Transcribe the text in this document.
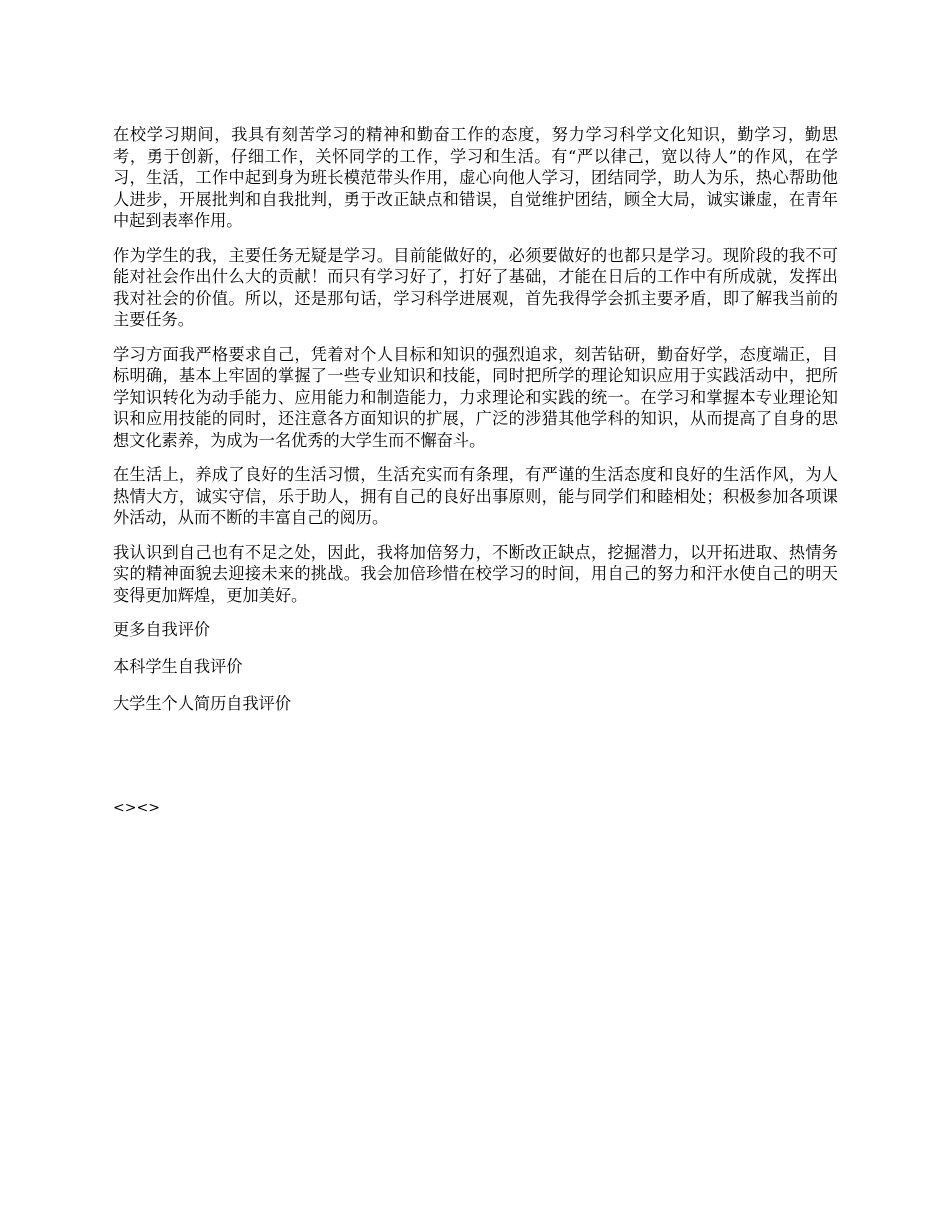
在校学习期间，我具有刻苦学习的精神和勤奋工作的态度，努力学习科学文化知识，勤学习，勤思考，勇于创新，仔细工作，关怀同学的工作，学习和生活。有“严以律己，宽以待人”的作风，在学习，生活，工作中起到身为班长模范带头作用，虚心向他人学习，团结同学，助人为乐，热心帮助他人进步，开展批判和自我批判，勇于改正缺点和错误，自觉维护团结，顾全大局，诚实谦虚，在青年中起到表率作用。

作为学生的我，主要任务无疑是学习。目前能做好的，必须要做好的也都只是学习。现阶段的我不可能对社会作出什么大的贡献！而只有学习好了，打好了基础，才能在日后的工作中有所成就，发挥出我对社会的价值。所以，还是那句话，学习科学进展观，首先我得学会抓主要矛盾，即了解我当前的主要任务。

学习方面我严格要求自己，凭着对个人目标和知识的强烈追求，刻苦钻研，勤奋好学，态度端正，目标明确，基本上牢固的掌握了一些专业知识和技能，同时把所学的理论知识应用于实践活动中，把所学知识转化为动手能力、应用能力和制造能力，力求理论和实践的统一。在学习和掌握本专业理论知识和应用技能的同时，还注意各方面知识的扩展，广泛的涉猎其他学科的知识，从而提高了自身的思想文化素养，为成为一名优秀的大学生而不懈奋斗。

在生活上，养成了良好的生活习惯，生活充实而有条理，有严谨的生活态度和良好的生活作风，为人热情大方，诚实守信，乐于助人，拥有自己的良好出事原则，能与同学们和睦相处；积极参加各项课外活动，从而不断的丰富自己的阅历。

我认识到自己也有不足之处，因此，我将加倍努力，不断改正缺点，挖掘潜力，以开拓进取、热情务实的精神面貌去迎接未来的挑战。我会加倍珍惜在校学习的时间，用自己的努力和汗水使自己的明天变得更加辉煌，更加美好。

更多自我评价
本科学生自我评价
大学生个人简历自我评价
<><>
